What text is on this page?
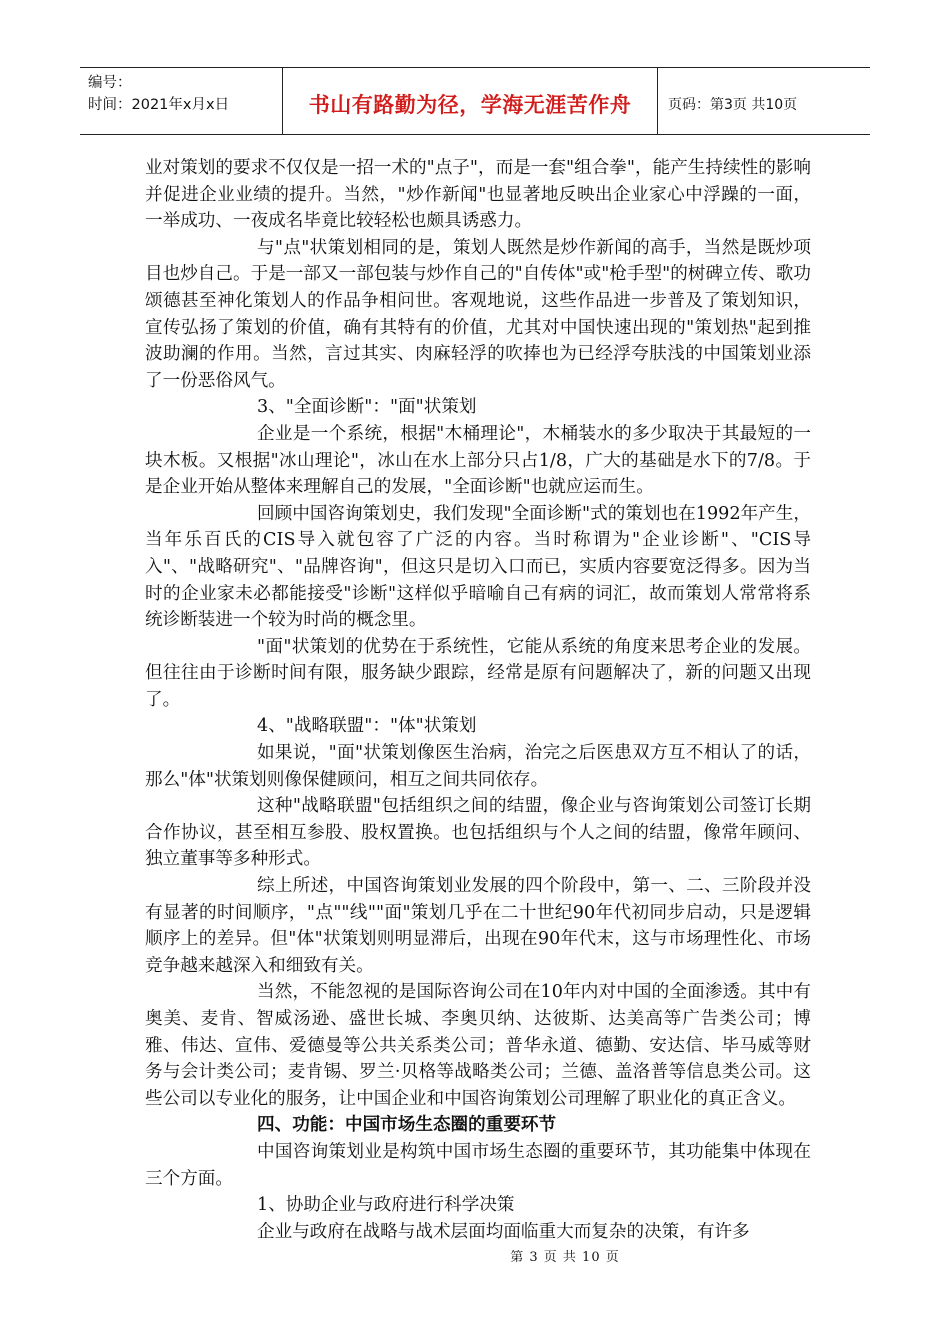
编号：
时间：2021年x月x日	书山有路勤为径，学海无涯苦作舟	页码：第3页 共10页

业对策划的要求不仅仅是一招一术的"点子"，而是一套"组合拳"，能产生持续性的影响并促进企业业绩的提升。当然，"炒作新闻"也显著地反映出企业家心中浮躁的一面，一举成功、一夜成名毕竟比较轻松也颇具诱惑力。

与"点"状策划相同的是，策划人既然是炒作新闻的高手，当然是既炒项目也炒自己。于是一部又一部包装与炒作自己的"自传体"或"枪手型"的树碑立传、歌功颂德甚至神化策划人的作品争相问世。客观地说，这些作品进一步普及了策划知识，宣传弘扬了策划的价值，确有其特有的价值，尤其对中国快速出现的"策划热"起到推波助澜的作用。当然，言过其实、肉麻轻浮的吹捧也为已经浮夸肤浅的中国策划业添了一份恶俗风气。

3、"全面诊断"："面"状策划

企业是一个系统，根据"木桶理论"，木桶装水的多少取决于其最短的一块木板。又根据"冰山理论"，冰山在水上部分只占1/8，广大的基础是水下的7/8。于是企业开始从整体来理解自己的发展，"全面诊断"也就应运而生。

回顾中国咨询策划史，我们发现"全面诊断"式的策划也在1992年产生，当年乐百氏的CIS导入就包容了广泛的内容。当时称谓为"企业诊断"、"CIS导入"、"战略研究"、"品牌咨询"，但这只是切入口而已，实质内容要宽泛得多。因为当时的企业家未必都能接受"诊断"这样似乎暗喻自己有病的词汇，故而策划人常常将系统诊断装进一个较为时尚的概念里。

"面"状策划的优势在于系统性，它能从系统的角度来思考企业的发展。但往往由于诊断时间有限，服务缺少跟踪，经常是原有问题解决了，新的问题又出现了。

4、"战略联盟"："体"状策划

如果说，"面"状策划像医生治病，治完之后医患双方互不相认了的话，那么"体"状策划则像保健顾问，相互之间共同依存。

这种"战略联盟"包括组织之间的结盟，像企业与咨询策划公司签订长期合作协议，甚至相互参股、股权置换。也包括组织与个人之间的结盟，像常年顾问、独立董事等多种形式。

综上所述，中国咨询策划业发展的四个阶段中，第一、二、三阶段并没有显著的时间顺序，"点""线""面"策划几乎在二十世纪90年代初同步启动，只是逻辑顺序上的差异。但"体"状策划则明显滞后，出现在90年代末，这与市场理性化、市场竞争越来越深入和细致有关。

当然，不能忽视的是国际咨询公司在10年内对中国的全面渗透。其中有奥美、麦肯、智威汤逊、盛世长城、李奥贝纳、达彼斯、达美高等广告类公司；博雅、伟达、宣伟、爱德曼等公共关系类公司；普华永道、德勤、安达信、毕马威等财务与会计类公司；麦肯锡、罗兰·贝格等战略类公司；兰德、盖洛普等信息类公司。这些公司以专业化的服务，让中国企业和中国咨询策划公司理解了职业化的真正含义。

四、功能：中国市场生态圈的重要环节

中国咨询策划业是构筑中国市场生态圈的重要环节，其功能集中体现在三个方面。

1、协助企业与政府进行科学决策

企业与政府在战略与战术层面均面临重大而复杂的决策，有许多

第 3 页 共 10 页
